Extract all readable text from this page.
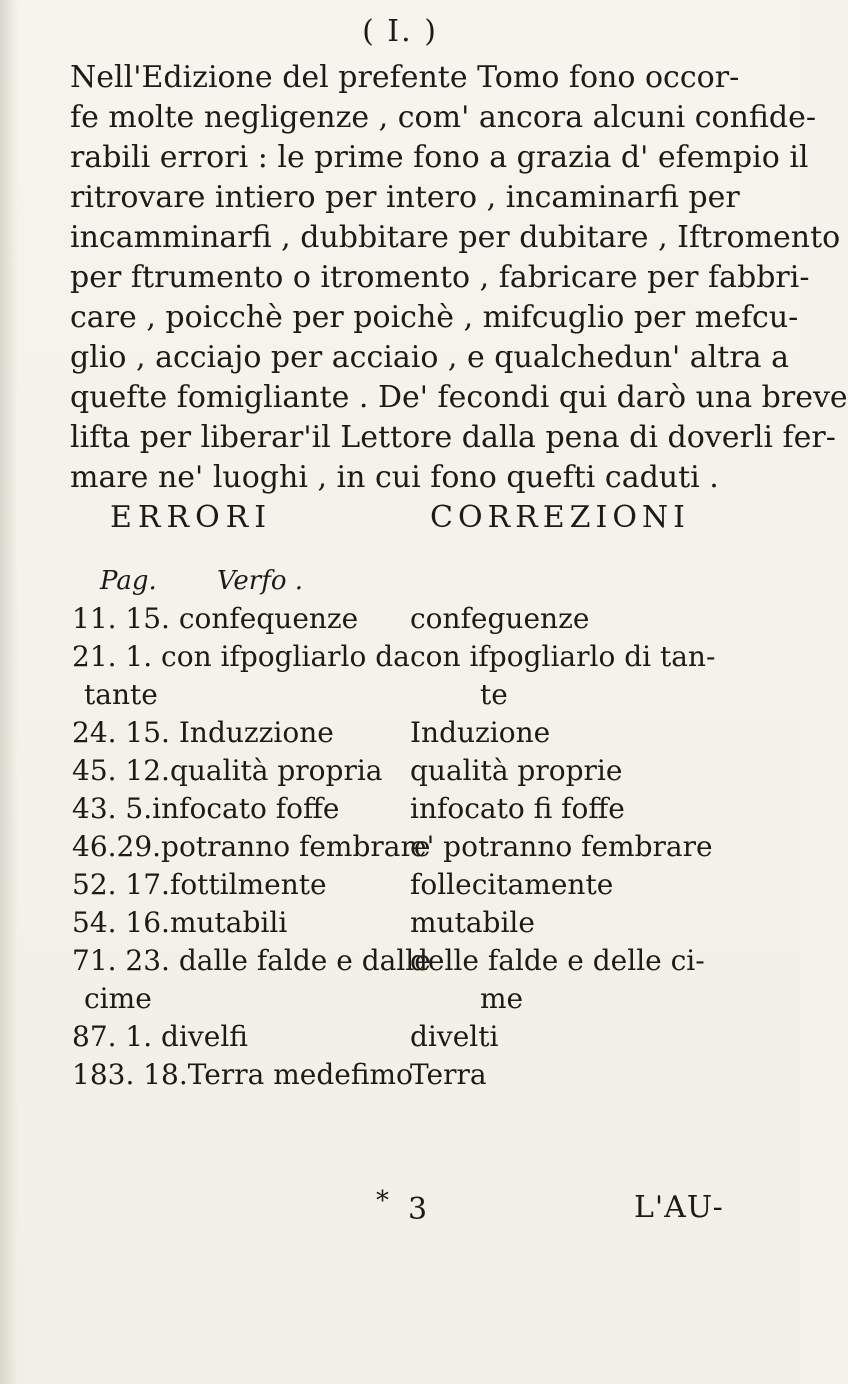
( I. )
Nell'Edizione del prefente Tomo fono occor-
fe molte negligenze , com' ancora alcuni confide-
rabili errori : le prime fono a grazia d' efempio il
ritrovare intiero per intero , incaminarfi per
incamminarfi , dubbitare per dubitare , Iftromento
per ftrumento o itromento , fabricare per fabbri-
care , poicchè per poichè , mifcuglio per mefcu-
glio , acciajo per acciaio , e qualchedun' altra a
quefte fomigliante . De' fecondi qui darò una breve
lifta per liberar'il Lettore dalla pena di doverli fer-
mare ne' luoghi , in cui fono quefti caduti .
ERRORI	CORREZIONI
Pag. Verfo .
11. 15. confequenze
21. 1. con ifpogliarlo da
tante
24. 15. Induzzione
45. 12.qualità propria
43. 5.infocato foffe
46.29.potranno fembrare
52. 17.fottilmente
54. 16.mutabili
71. 23. dalle falde e dalle
cime
87. 1. divelfi
183. 18.Terra medefimo
confeguenze
con ifpogliarlo di tan-
te
Induzione
qualità proprie
infocato fi foffe
e' potranno fembrare
follecitamente
mutabile
delle falde e delle ci-
me
divelti
Terra
* 3	L'AU-
